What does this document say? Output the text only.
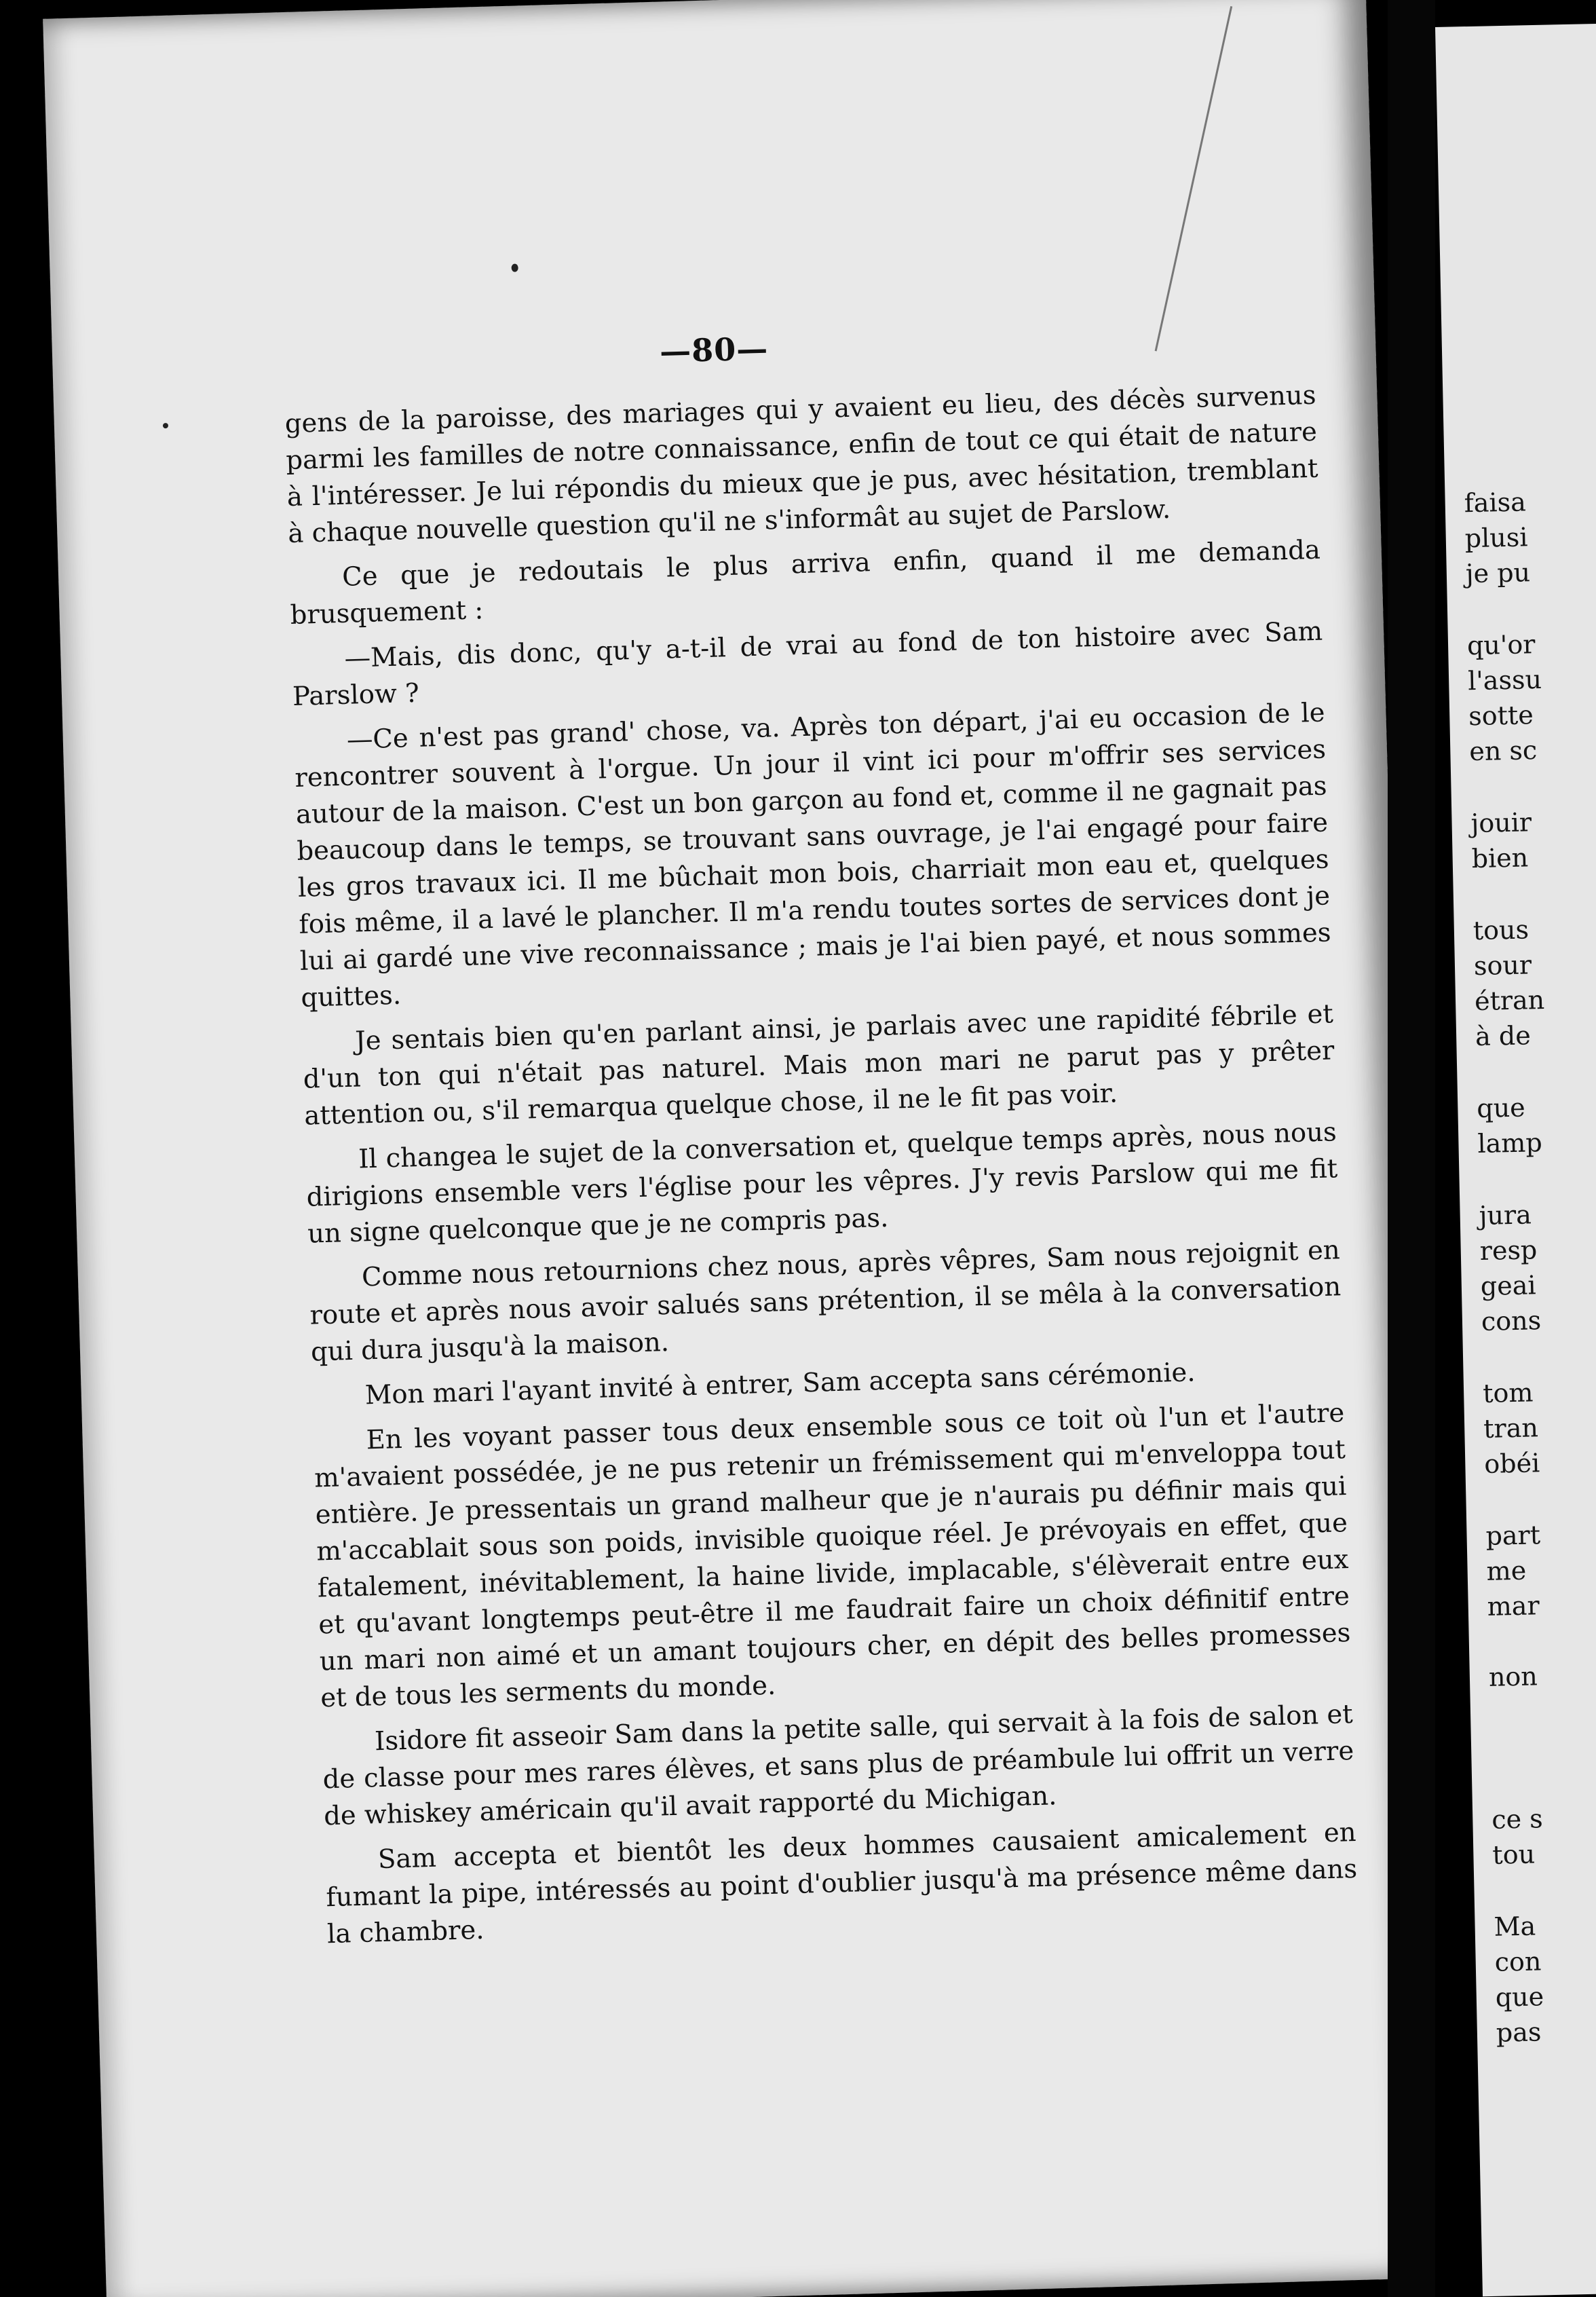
—80—

gens de la paroisse, des mariages qui y avaient eu lieu, des décès survenus parmi les familles de notre connaissance, enfin de tout ce qui était de nature à l'intéresser. Je lui répondis du mieux que je pus, avec hésitation, tremblant à chaque nouvelle question qu'il ne s'informât au sujet de Parslow.

Ce que je redoutais le plus arriva enfin, quand il me demanda brusquement :

—Mais, dis donc, qu'y a-t-il de vrai au fond de ton histoire avec Sam Parslow ?

—Ce n'est pas grand' chose, va. Après ton départ, j'ai eu occasion de le rencontrer souvent à l'orgue. Un jour il vint ici pour m'offrir ses services autour de la maison. C'est un bon garçon au fond et, comme il ne gagnait pas beaucoup dans le temps, se trouvant sans ouvrage, je l'ai engagé pour faire les gros travaux ici. Il me bûchait mon bois, charriait mon eau et, quelques fois même, il a lavé le plancher. Il m'a rendu toutes sortes de services dont je lui ai gardé une vive reconnaissance ; mais je l'ai bien payé, et nous sommes quittes.

Je sentais bien qu'en parlant ainsi, je parlais avec une rapidité fébrile et d'un ton qui n'était pas naturel. Mais mon mari ne parut pas y prêter attention ou, s'il remarqua quelque chose, il ne le fit pas voir.

Il changea le sujet de la conversation et, quelque temps après, nous nous dirigions ensemble vers l'église pour les vêpres. J'y revis Parslow qui me fit un signe quelconque que je ne compris pas.

Comme nous retournions chez nous, après vêpres, Sam nous rejoignit en route et après nous avoir salués sans prétention, il se mêla à la conversation qui dura jusqu'à la maison.

Mon mari l'ayant invité à entrer, Sam accepta sans cérémonie.

En les voyant passer tous deux ensemble sous ce toit où l'un et l'autre m'avaient possédée, je ne pus retenir un frémissement qui m'enveloppa tout entière. Je pressentais un grand malheur que je n'aurais pu définir mais qui m'accablait sous son poids, invisible quoique réel. Je prévoyais en effet, que fatalement, inévitablement, la haine livide, implacable, s'élèverait entre eux et qu'avant longtemps peut-être il me faudrait faire un choix définitif entre un mari non aimé et un amant toujours cher, en dépit des belles promesses et de tous les serments du monde.

Isidore fit asseoir Sam dans la petite salle, qui servait à la fois de salon et de classe pour mes rares élèves, et sans plus de préambule lui offrit un verre de whiskey américain qu'il avait rapporté du Michigan.

Sam accepta et bientôt les deux hommes causaient amicalement en fumant la pipe, intéressés au point d'oublier jusqu'à ma présence même dans la chambre.

faisa
plusi
je pu
qu'or
l'assu
sotte
en sc
jouir
bien
tous
sour
étran
à de
que
lamp
jura
resp
geai
cons
tom
tran
obéi
part
me
mar
non
ce s
tou
Ma
con
que
pas
